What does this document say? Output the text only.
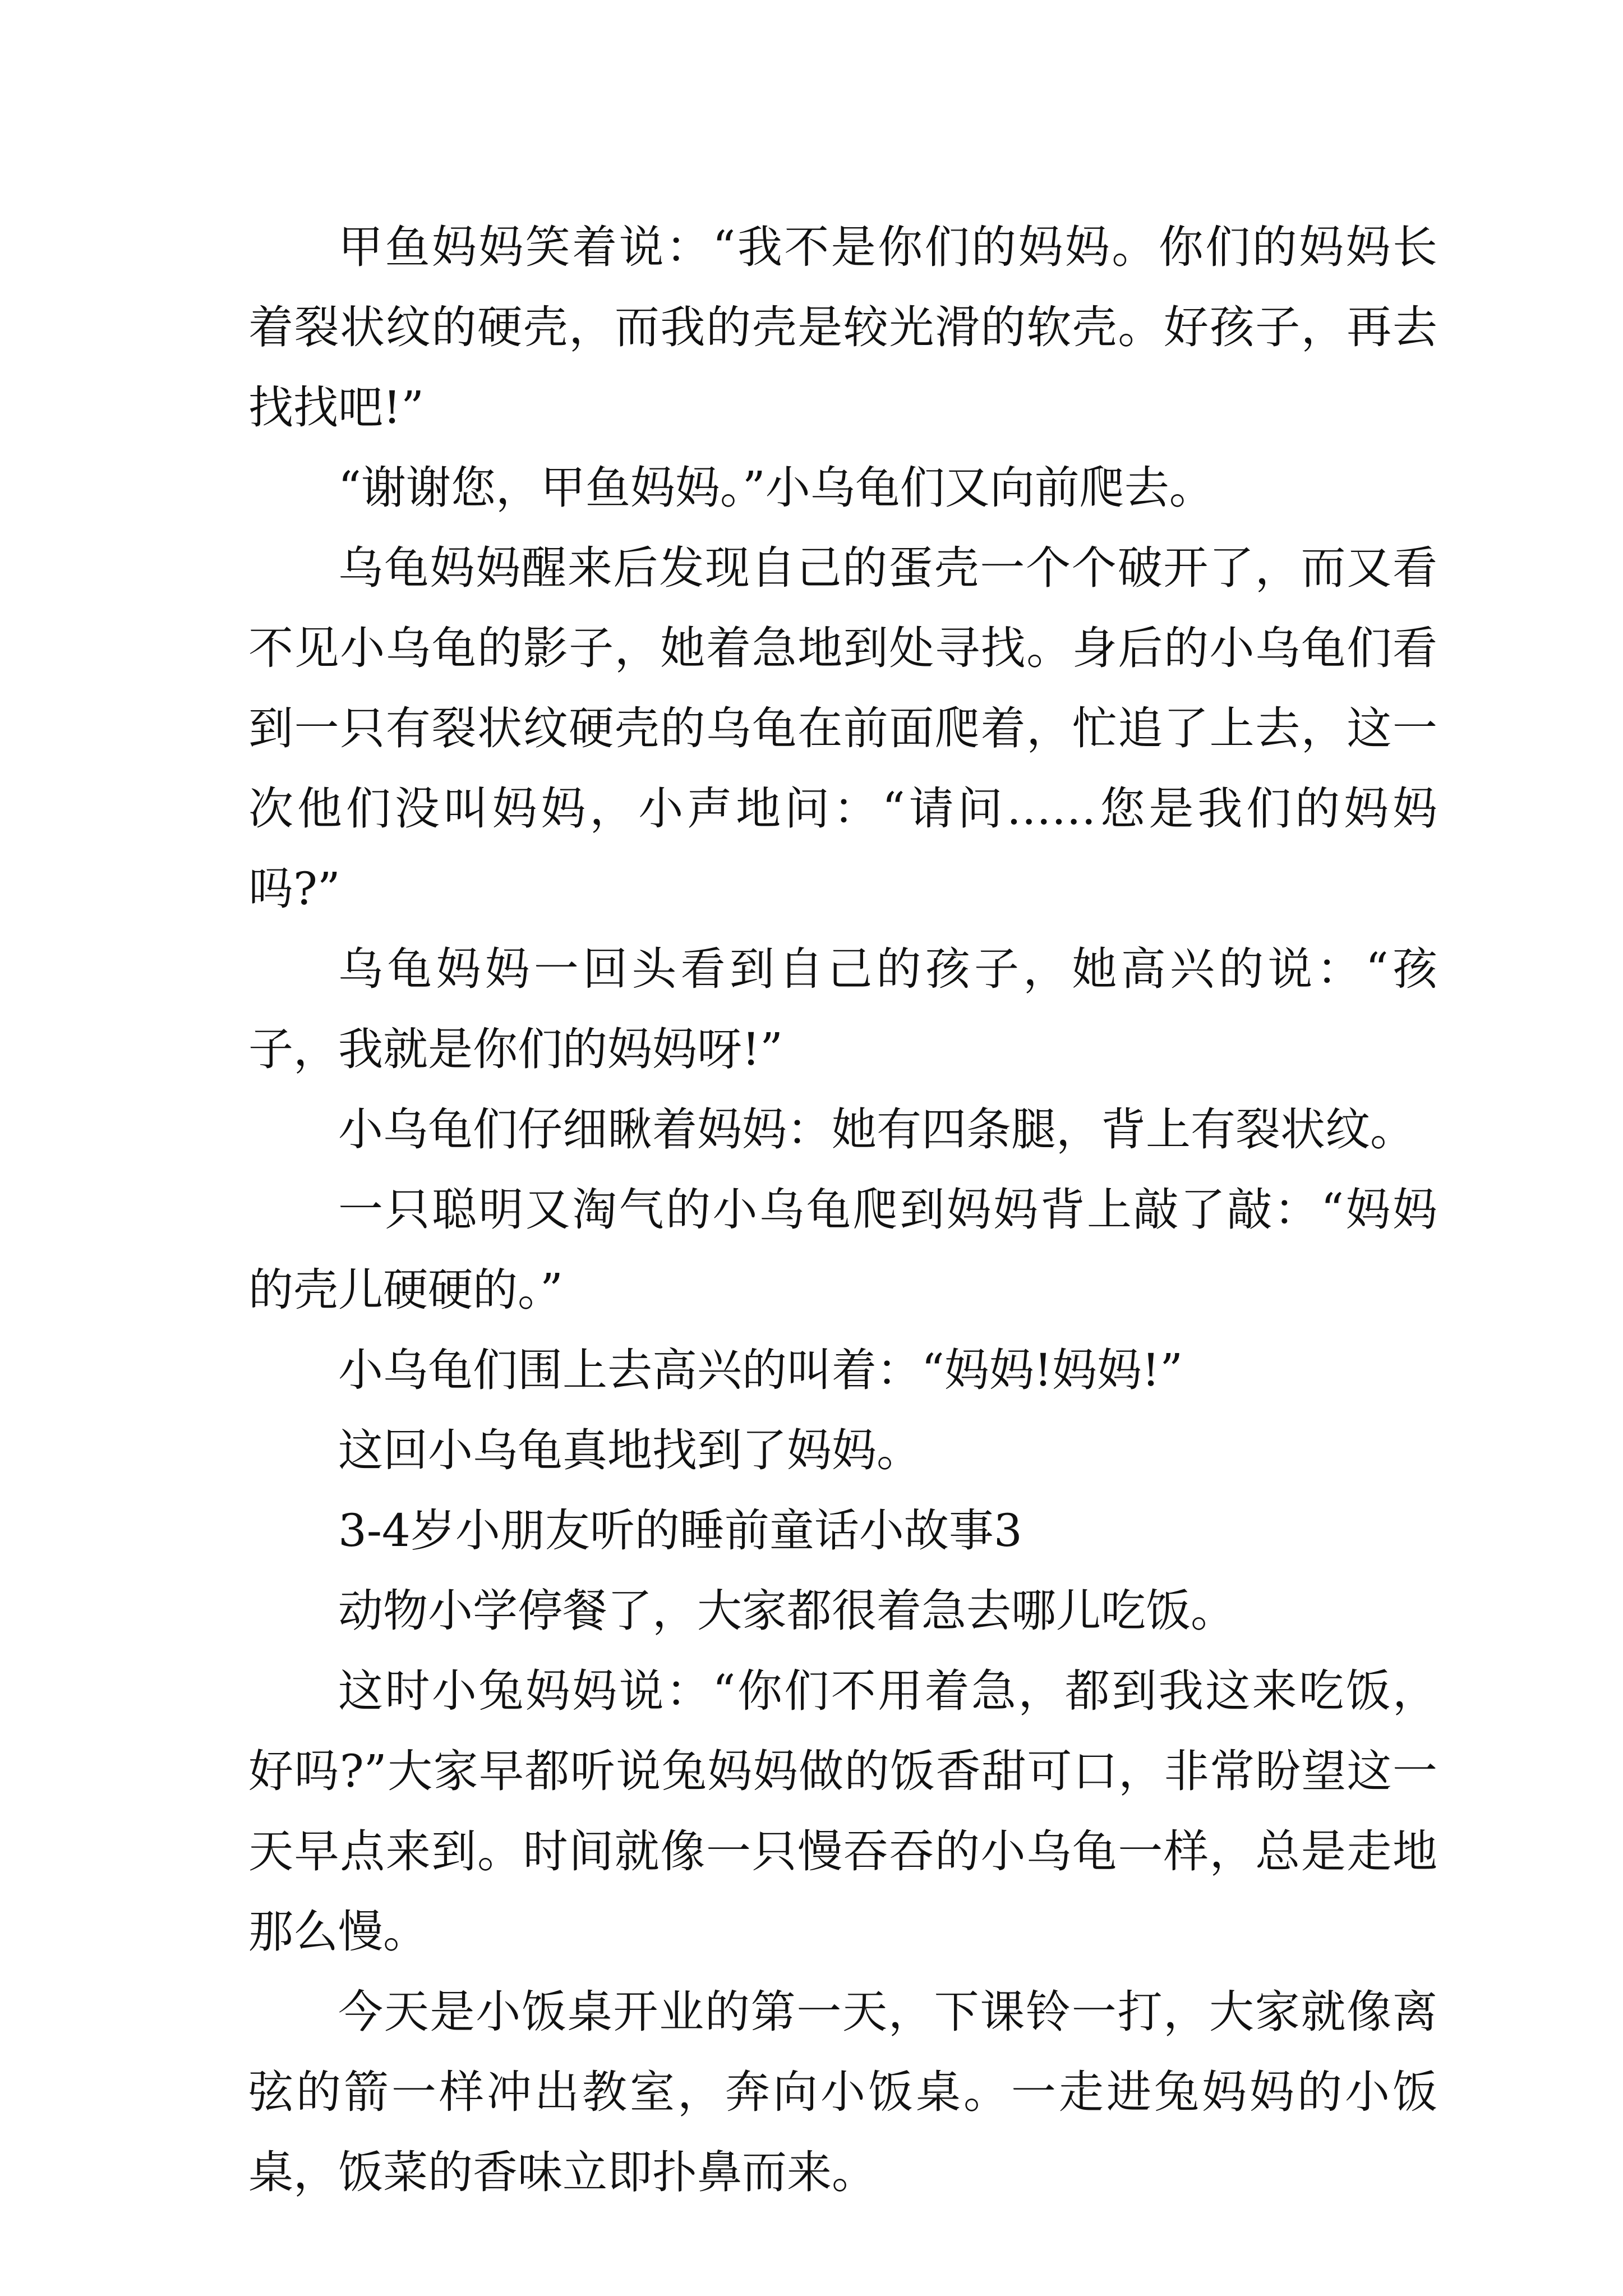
甲鱼妈妈笑着说：“我不是你们的妈妈。你们的妈妈长着裂状纹的硬壳，而我的壳是较光滑的软壳。好孩子，再去找找吧!”

“谢谢您，甲鱼妈妈。”小乌龟们又向前爬去。

乌龟妈妈醒来后发现自己的蛋壳一个个破开了，而又看不见小乌龟的影子，她着急地到处寻找。身后的小乌龟们看到一只有裂状纹硬壳的乌龟在前面爬着，忙追了上去，这一次他们没叫妈妈，小声地问：“请问……您是我们的妈妈吗?”

乌龟妈妈一回头看到自己的孩子，她高兴的说：“孩子，我就是你们的妈妈呀!”

小乌龟们仔细瞅着妈妈：她有四条腿，背上有裂状纹。

一只聪明又淘气的小乌龟爬到妈妈背上敲了敲：“妈妈的壳儿硬硬的。”

小乌龟们围上去高兴的叫着：“妈妈!妈妈!”

这回小乌龟真地找到了妈妈。

3-4岁小朋友听的睡前童话小故事3

动物小学停餐了，大家都很着急去哪儿吃饭。

这时小兔妈妈说：“你们不用着急，都到我这来吃饭，好吗?”大家早都听说兔妈妈做的饭香甜可口，非常盼望这一天早点来到。时间就像一只慢吞吞的小乌龟一样，总是走地那么慢。

今天是小饭桌开业的第一天，下课铃一打，大家就像离弦的箭一样冲出教室，奔向小饭桌。一走进兔妈妈的小饭桌，饭菜的香味立即扑鼻而来。
